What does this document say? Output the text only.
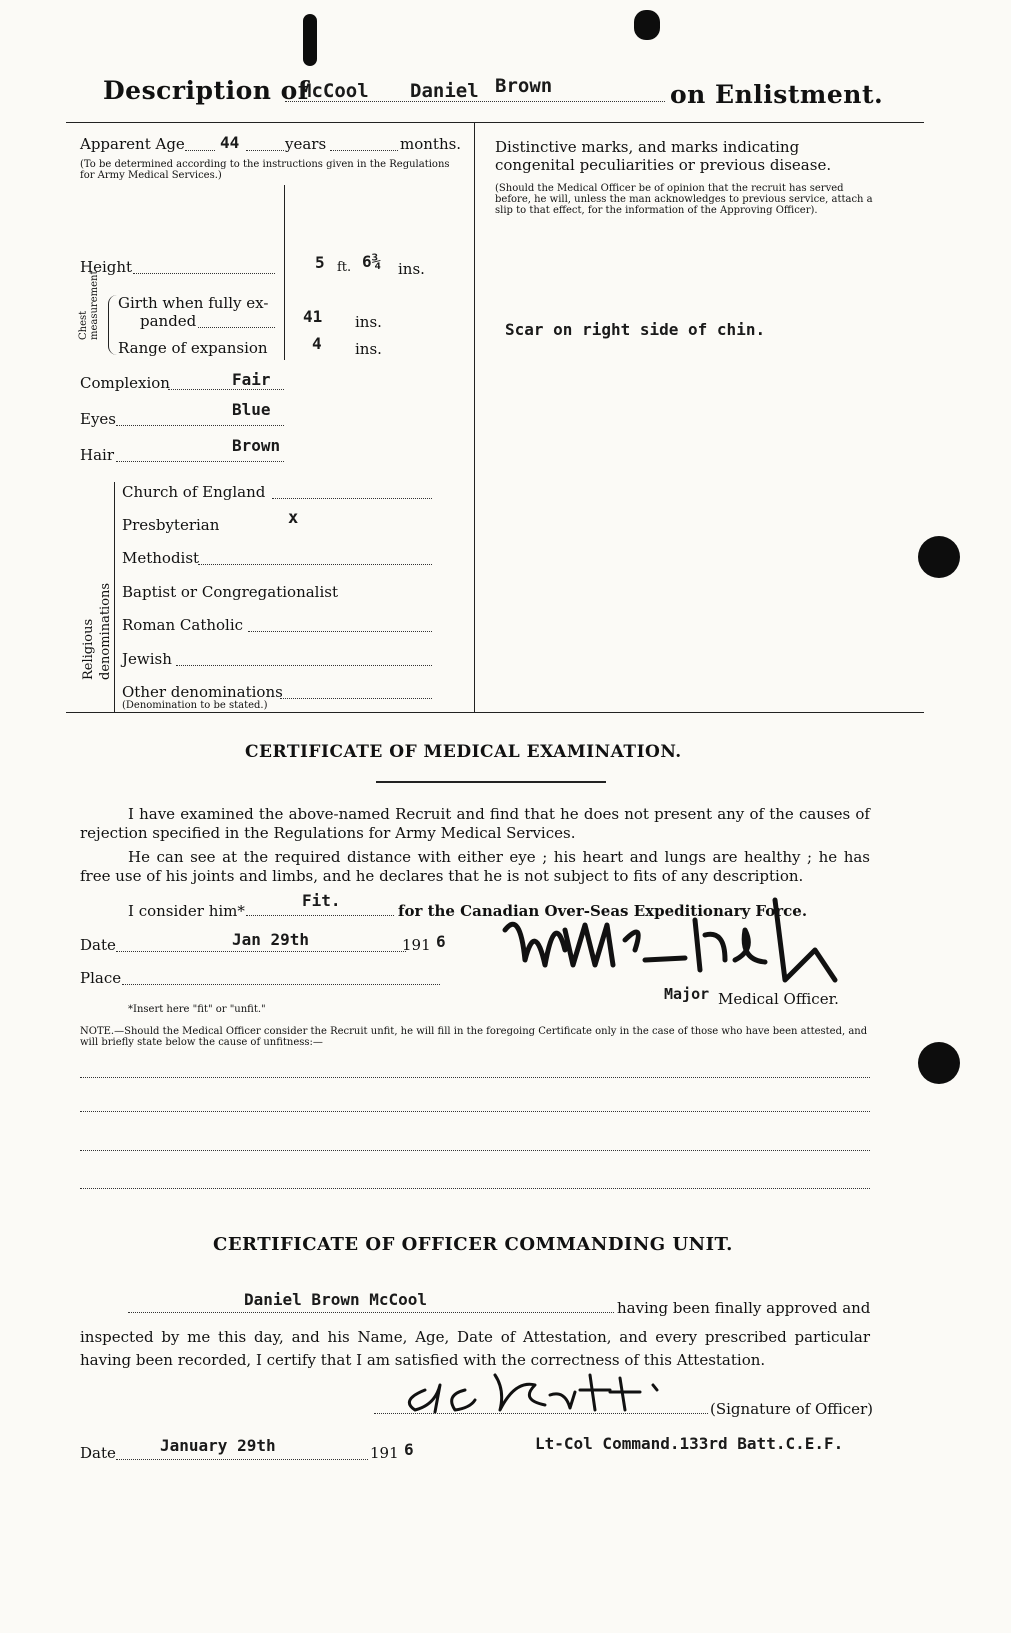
Description of
McCool Daniel Brown	on Enlistment.
Apparent Age 44	years	months.
(To be determined according to the instructions given in the Regulations for Army Medical Services.)
Height	5 ft. 6¾ ins.
Chest measurement Girth when fully ex-
panded	41 ins.
Range of expansion	4 ins.
Complexion	Fair
Eyes	Blue
Hair	Brown
Religious denominations
Church of England
Presbyterian	x
Methodist
Baptist or Congregationalist
Roman Catholic
Jewish
Other denominations
(Denomination to be stated.)
Distinctive marks, and marks indicating congenital peculiarities or previous disease.
(Should the Medical Officer be of opinion that the recruit has served before, he will, unless the man acknowledges to previous service, attach a slip to that effect, for the information of the Approving Officer).
Scar on right side of chin.
CERTIFICATE OF MEDICAL EXAMINATION.
I have examined the above-named Recruit and find that he does not present any of the causes of rejection specified in the Regulations for Army Medical Services.
He can see at the required distance with either eye ; his heart and lungs are healthy ; he has free use of his joints and limbs, and he declares that he is not subject to fits of any description.
I consider him*
Fit.
for the Canadian Over-Seas Expeditionary Force.
Date	Jan 29th	191 6
Place
Major Medical Officer.
*Insert here "fit" or "unfit."
NOTE.—Should the Medical Officer consider the Recruit unfit, he will fill in the foregoing Certificate only in the case of those who have been attested, and will briefly state below the cause of unfitness:—
CERTIFICATE OF OFFICER COMMANDING UNIT.
Daniel Brown McCool	having been finally approved and
inspected by me this day, and his Name, Age, Date of Attestation, and every prescribed particular having been recorded, I certify that I am satisfied with the correctness of this Attestation.
(Signature of Officer)
Date	January 29th	191 6	Lt-Col Command.133rd Batt.C.E.F.
